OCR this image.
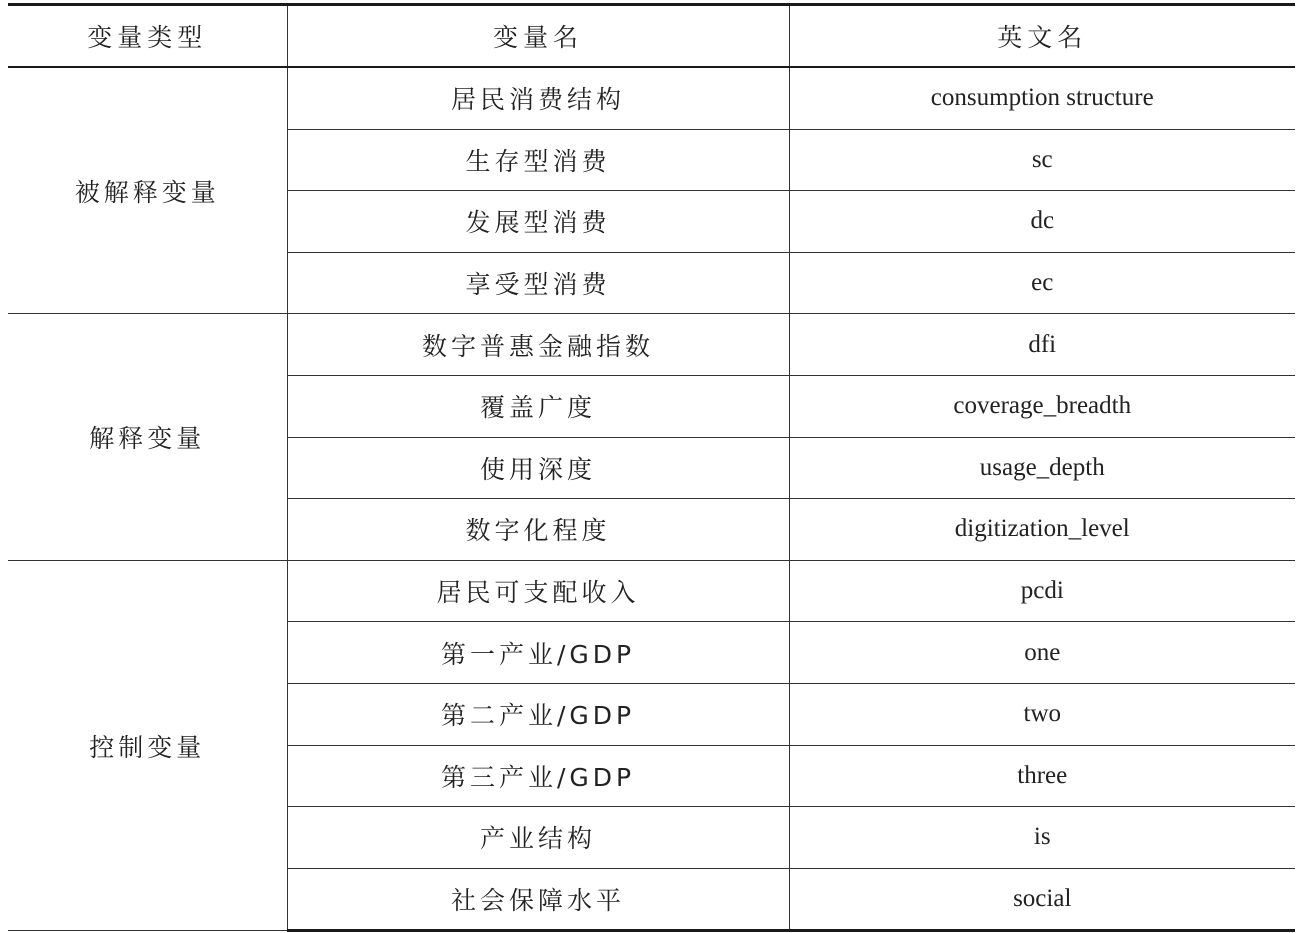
变量类型	变量名	英文名
被解释变量	居民消费结构	consumption structure
	生存型消费	sc
	发展型消费	dc
	享受型消费	ec
解释变量	数字普惠金融指数	dfi
	覆盖广度	coverage_breadth
	使用深度	usage_depth
	数字化程度	digitization_level
控制变量	居民可支配收入	pcdi
	第一产业/GDP	one
	第二产业/GDP	two
	第三产业/GDP	three
	产业结构	is
	社会保障水平	social
